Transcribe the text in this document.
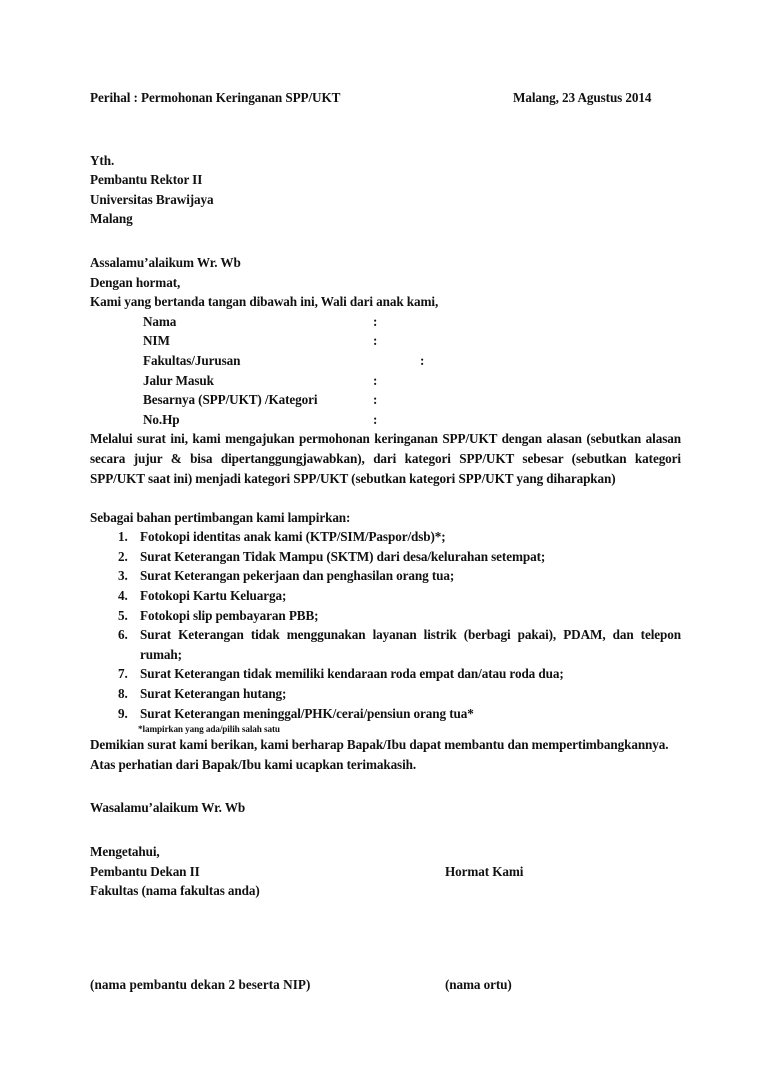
Perihal : Permohonan Keringanan SPP/UKT	Malang, 23 Agustus 2014
Yth.
Pembantu Rektor II
Universitas Brawijaya
Malang
Assalamu’alaikum Wr. Wb
Dengan hormat,
Kami yang bertanda tangan dibawah ini, Wali dari anak kami,
Nama	:
NIM	:
Fakultas/Jurusan	:
Jalur Masuk	:
Besarnya (SPP/UKT) /Kategori	:
No.Hp	:

Melalui surat ini, kami mengajukan permohonan keringanan SPP/UKT dengan alasan (sebutkan alasan secara jujur & bisa dipertanggungjawabkan), dari kategori SPP/UKT sebesar (sebutkan kategori SPP/UKT saat ini) menjadi kategori SPP/UKT (sebutkan kategori SPP/UKT yang diharapkan)

Sebagai bahan pertimbangan kami lampirkan:
Fotokopi identitas anak kami (KTP/SIM/Paspor/dsb)*;
Surat Keterangan Tidak Mampu (SKTM) dari desa/kelurahan setempat;
Surat Keterangan pekerjaan dan penghasilan orang tua;
Fotokopi Kartu Keluarga;
Fotokopi slip pembayaran PBB;
Surat Keterangan tidak menggunakan layanan listrik (berbagi pakai), PDAM, dan telepon rumah;
Surat Keterangan tidak memiliki kendaraan roda empat dan/atau roda dua;
Surat Keterangan hutang;
Surat Keterangan meninggal/PHK/cerai/pensiun orang tua*
*lampirkan yang ada/pilih salah satu
Demikian surat kami berikan, kami berharap Bapak/Ibu dapat membantu dan mempertimbangkannya.
Atas perhatian dari Bapak/Ibu kami ucapkan terimakasih.
Wasalamu’alaikum Wr. Wb
Mengetahui,
Pembantu Dekan II
Fakultas (nama fakultas anda)
Hormat Kami
(nama pembantu dekan 2 beserta NIP)	(nama ortu)
